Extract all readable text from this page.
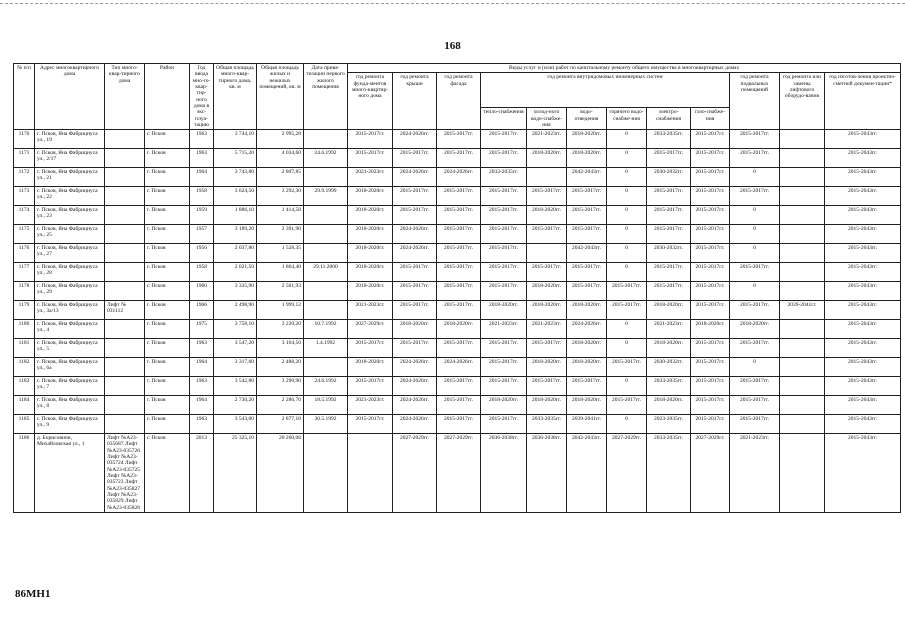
168
№ п/п	Адрес многоквартирного дома	Тип много-квар-тирного дома	Район	Год ввода мно-го-квар-тир-ного дома в экс-плуа-тацию	Общая площадь много-квар-тирного дома, кв. м	Общая площадь жилых и нежилых помещений, кв. м	Дата прива-тизации первого жилого помещения	Виды услуг и (или) работ по капитальному ремонту общего имущества в многоквартирных домах											
								год ремонта фунда-ментов много-квартир-ного дома	год ремонта крыши	год ремонта фасада	год ремонта внутридомовых инженерных систем						год ремонта подвальных помещений	год ремонта или замены лифтового оборудо-вания	год изготов-ления проектно-сметной докумен-тации*
											тепло-снабжения	холод-ного водо-снабже-ния	водо-отведения	горячего водо-снабже-ния	электро-снабжения	газо-снабже-ния			
1170	г. Псков, Яна Фабрициуса ул., 19		г. Псков	1963	3 744,10	2 995,28		2015-2017гг.	2024-2026гг.	2015-2017гг.	2015-2017гг.	2021-2023гг.	2018-2020гг.	0	2033-2035гг.	2015-2017гг.	2015-2017гг.		2015-2043гг.
1171	г. Псков, Яна Фабрициуса ул., 2/17		г. Псков	1963	5 715,20	4 034,60	24.6.1992	2015-2017гг.	2015-2017гг.	2015-2017гг.	2015-2017гг.	2018-2020гг.	2018-2020гг.	0	2015-2017гг.	2015-2017гг.	2015-2017гг.		2015-2043гг.
1172	г. Псков, Яна Фабрициуса ул., 21		г. Псков	1964	3 743,80	2 807,85		2021-2023гг.	2024-2026гг.	2024-2026гг.	2033-2035гг.		2042-2043гг.	0	2030-2032гг.	2015-2017гг.	0		2015-2043гг.
1173	г. Псков, Яна Фабрициуса ул., 22		г. Псков	1958	3 624,50	3 292,30	29.9.1999	2018-2020гг.	2015-2017гг.	2015-2017гг.	2015-2017гг.	2015-2017гг.	2015-2017гг.	0	2015-2017гг.	2015-2017гг.	2015-2017гг.		2015-2043гг.
1174	г. Псков, Яна Фабрициуса ул., 23		г. Псков	1959	1 886,10	1 414,58		2018-2020гг.	2015-2017гг.	2015-2017гг.	2015-2017гг.	2018-2020гг.	2015-2017гг.	0	2015-2017гг.	2015-2017гг.	0		2015-2043гг.
1175	г. Псков, Яна Фабрициуса ул., 25		г. Псков	1957	3 189,20	2 391,90		2018-2020гг.	2024-2026гг.	2015-2017гг.	2015-2017гг.	2015-2017гг.	2015-2017гг.	0	2015-2017гг.	2015-2017гг.	0		2015-2043гг.
1176	г. Псков, Яна Фабрициуса ул., 27		г. Псков	1956	2 037,80	1 528,35		2018-2020гг.	2024-2026гг.	2015-2017гг.	2015-2017гг.		2042-2043гг.	0	2030-2032гг.	2015-2017гг.	0		2015-2043гг.
1177	г. Псков, Яна Фабрициуса ул., 28		г. Псков	1958	2 021,50	1 864,40	29.11.2000	2018-2020гг.	2015-2017гг.	2015-2017гг.	2015-2017гг.	2015-2017гг.	2015-2017гг.	0	2015-2017гг.	2015-2017гг.	2015-2017гг.		2015-2043гг.
1178	г. Псков, Яна Фабрициуса ул., 29		г. Псков	1960	3 335,90	2 501,93		2018-2020гг.	2015-2017гг.	2015-2017гг.	2015-2017гг.	2018-2020гг.	2015-2017гг.	2015-2017гг.	2015-2017гг.	2015-2017гг.	0		2015-2043гг.
1179	г. Псков, Яна Фабрициуса ул., 3а/13	Лифт № 031112	г. Псков	1966	2 498,90	1 999,12		2021-2023гг.	2015-2017гг.	2015-2017гг.	2018-2020гг.	2018-2020гг.	2018-2020гг.	2015-2017гг.	2018-2020гг.	2015-2017гг.	2015-2017гг.	2039-2041гг.	2015-2043гг.
1180	г. Псков, Яна Фабрициуса ул., 4		г. Псков	1975	3 758,10	3 220,20	10.7.1992	2027-2029гг.	2018-2020гг.	2018-2020гг.	2021-2023гг.	2021-2023гг.	2024-2026гг.	0	2021-2023гг.	2018-2020гг.	2018-2020гг.		2015-2043гг.
1181	г. Псков, Яна Фабрициуса ул., 5		г. Псков	1963	3 547,20	3 104,50	1.4.1992	2015-2017гг.	2015-2017гг.	2015-2017гг.	2015-2017гг.	2015-2017гг.	2018-2020гг.	0	2018-2020гг.	2015-2017гг.	2015-2017гг.		2015-2043гг.
1182	г. Псков, Яна Фабрициуса ул., 6а		г. Псков	1964	3 317,60	2 488,20		2018-2020гг.	2024-2026гг.	2024-2026гг.	2015-2017гг.	2018-2020гг.	2018-2020гг.	2015-2017гг.	2030-2032гг.	2015-2017гг.	0		2015-2043гг.
1183	г. Псков, Яна Фабрициуса ул., 7		г. Псков	1963	3 542,80	3 290,90	24.6.1992	2015-2017гг.	2024-2026гг.	2015-2017гг.	2015-2017гг.	2015-2017гг.	2015-2017гг.	0	2033-2035гг.	2015-2017гг.	2015-2017гг.		2015-2043гг.
1184	г. Псков, Яна Фабрициуса ул., 8		г. Псков	1964	2 730,20	2 286,70	18.5.1992	2021-2023гг.	2024-2026гг.	2015-2017гг.	2018-2020гг.	2018-2020гг.	2018-2020гг.	2015-2017гг.	2018-2020гг.	2015-2017гг.	2015-2017гг.		2015-2043гг.
1185	г. Псков, Яна Фабрициуса ул., 9		г. Псков	1963	3 543,00	2 877,10	30.5.1992	2015-2017гг.	2024-2026гг.	2015-2017гг.	2015-2017гг.	2033-2035гг.	2039-2041гг.	0	2023-2035гг.	2015-2017гг.	2015-2017гг.		2015-2043гг.
1186	д. Борисовичи, Михайловская ул., 1	Лифт №А23-035687 Лифт №А23-035726 Лифт №А23-035724 Лифт №А23-035725 Лифт №А23-035723 Лифт №А23-035827 Лифт №А23-035829 Лифт №А23-035828	г. Псков	2013	25 325,10	20 260,08			2027-2029гг.	2027-2029гг.	2036-2038гг.	2036-2038гг.	2042-2043гг.	2027-2029гг.	2033-2035гг.	2027-2029гг.	2021-2023гг.		2015-2043гг.
86МН1
